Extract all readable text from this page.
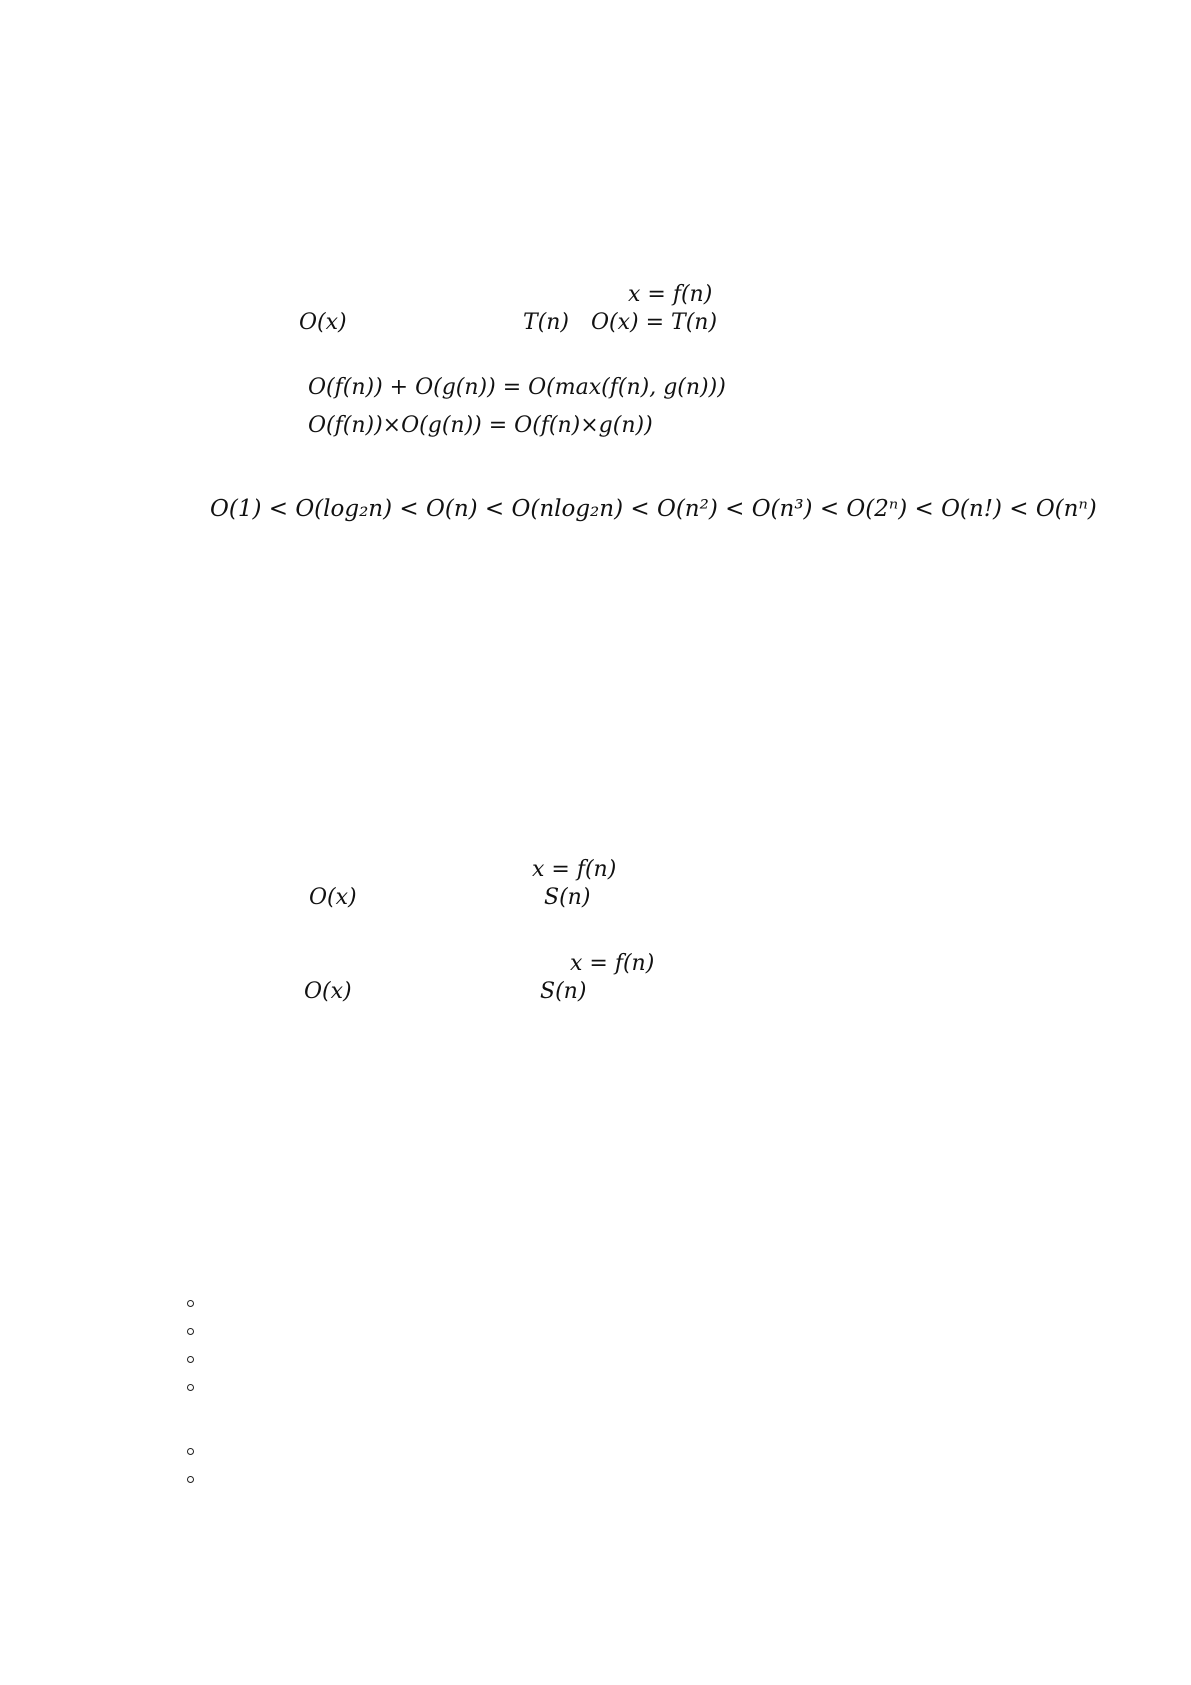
x = f(n)
O(x)	T(n) O(x) = T(n)
O(f(n)) + O(g(n)) = O(max(f(n), g(n)))
O(f(n))×O(g(n)) = O(f(n)×g(n))
O(1) < O(log₂n) < O(n) < O(nlog₂n) < O(n²) < O(n³) < O(2ⁿ) < O(n!) < O(nⁿ)
x = f(n)
O(x)	S(n)
x = f(n)
O(x)	S(n)
